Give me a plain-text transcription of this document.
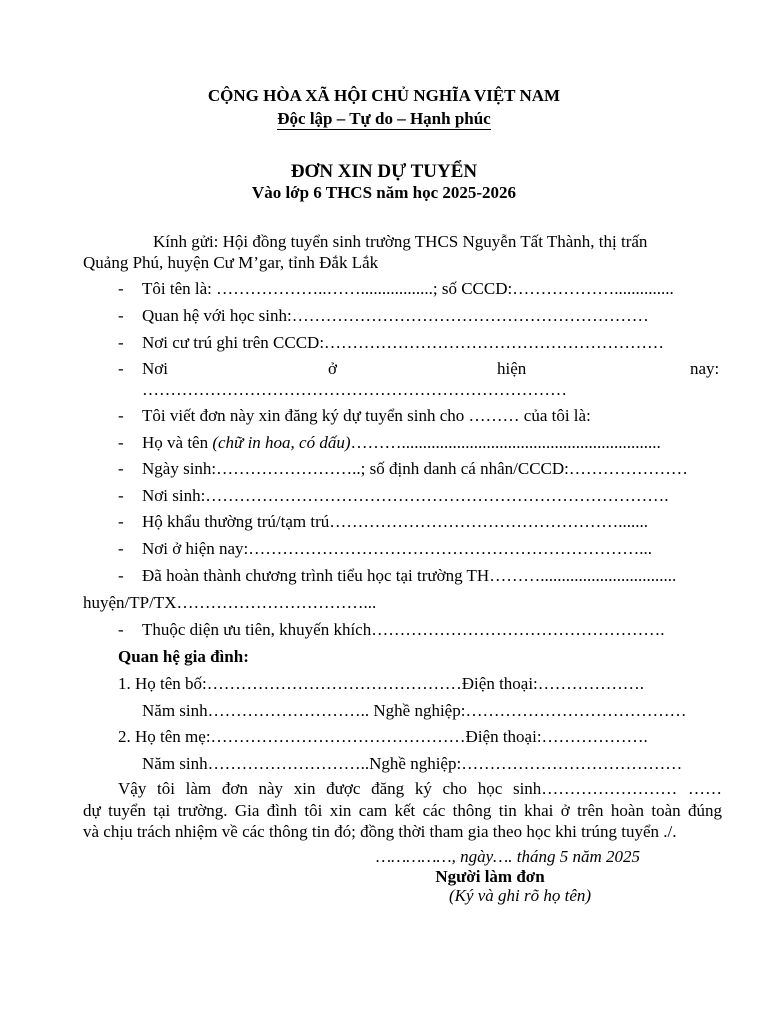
CỘNG HÒA XÃ HỘI CHỦ NGHĨA VIỆT NAM
Độc lập – Tự do – Hạnh phúc
ĐƠN XIN DỰ TUYỂN
Vào lớp 6 THCS năm học 2025-2026
Kính gửi: Hội đồng tuyển sinh trường THCS Nguyễn Tất Thành, thị trấn
Quảng Phú, huyện Cư M’gar, tỉnh Đắk Lắk
- Tôi tên là: ………………..…….................; số CCCD:………………..............
- Quan hệ với học sinh:………………………………………………………
- Nơi cư trú ghi trên CCCD:……………………………………………………
- Nơi	ở	hiện	nay:
…………………………………………………………………
- Tôi viết đơn này xin đăng ký dự tuyển sinh cho ……… của tôi là:
- Họ và tên (chữ in hoa, có dấu)……….............................................................
- Ngày sinh:……………………..; số định danh cá nhân/CCCD:…………………
- Nơi sinh:……………………………………………………………………….
- Hộ khẩu thường trú/tạm trú…………………………………………….......
- Nơi ở hiện nay:……………………………………………………………...
- Đã hoàn thành chương trình tiểu học tại trường TH………................................
huyện/TP/TX……………………………...
- Thuộc diện ưu tiên, khuyến khích…………………………………………….
Quan hệ gia đình:
1. Họ tên bố:………………………………………Điện thoại:……………….
Năm sinh……………………….. Nghề nghiệp:…………………………………
2. Họ tên mẹ:………………………………………Điện thoại:……………….
Năm sinh………………………..Nghề nghiệp:…………………………………
Vậy tôi làm đơn này xin được đăng ký cho học sinh…………………… ……
dự tuyển tại trường. Gia đình tôi xin cam kết các thông tin khai ở trên hoàn toàn đúng
và chịu trách nhiệm về các thông tin đó; đồng thời tham gia theo học khi trúng tuyển ./.
……………, ngày…. tháng 5 năm 2025
Người làm đơn
(Ký và ghi rõ họ tên)
